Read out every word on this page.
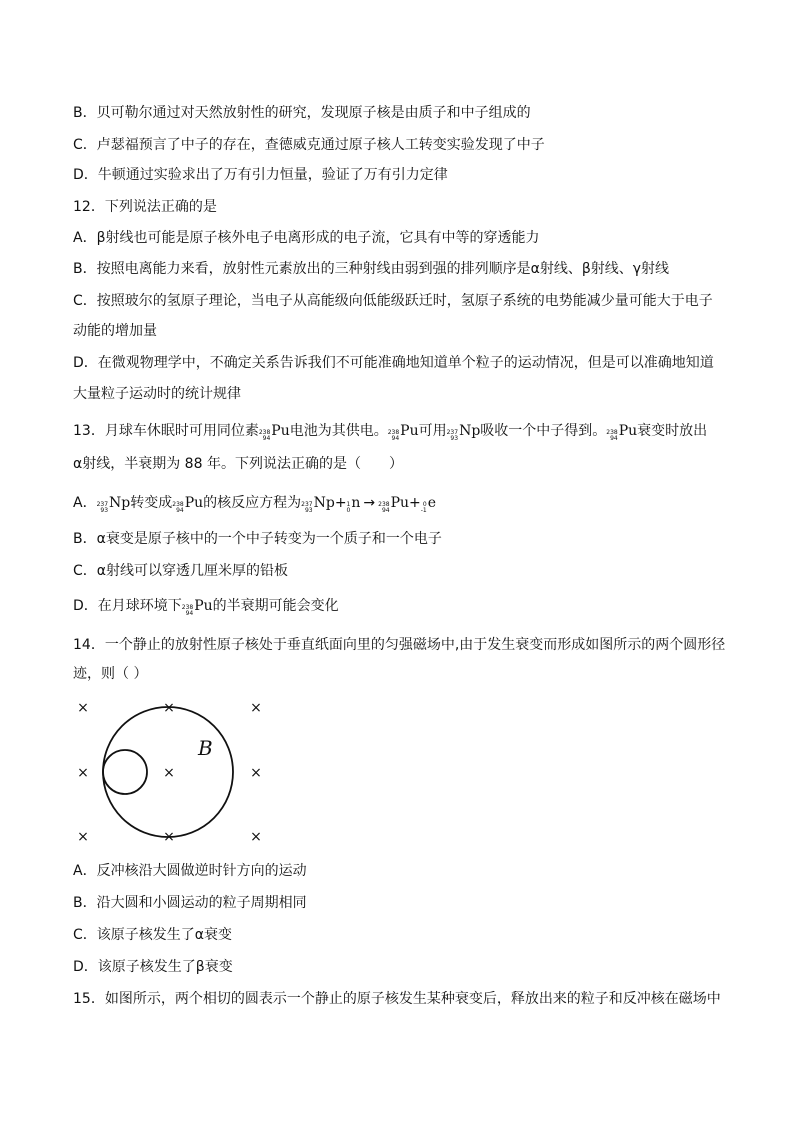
B．贝可勒尔通过对天然放射性的研究，发现原子核是由质子和中子组成的
C．卢瑟福预言了中子的存在，查德威克通过原子核人工转变实验发现了中子
D．牛顿通过实验求出了万有引力恒量，验证了万有引力定律
12．下列说法正确的是
A．β射线也可能是原子核外电子电离形成的电子流，它具有中等的穿透能力
B．按照电离能力来看，放射性元素放出的三种射线由弱到强的排列顺序是α射线、β射线、γ射线
C．按照玻尔的氢原子理论，当电子从高能级向低能级跃迁时，氢原子系统的电势能减少量可能大于电子
动能的增加量
D．在微观物理学中，不确定关系告诉我们不可能准确地知道单个粒子的运动情况，但是可以准确地知道
大量粒子运动时的统计规律
13．月球车休眠时可用同位素 238
94 Pu电池为其供电。 238
94 Pu可用 237
93 Np吸收一个中子得到。 238
94 Pu衰变时放出
α射线，半衰期为 88 年。下列说法正确的是（　　）
A． 237
93 Np转变成 238
94 Pu的核反应方程为 237
93 Np+ 1
0 n → 238
94 Pu+ 0
-1 e
B．α衰变是原子核中的一个中子转变为一个质子和一个电子
C．α射线可以穿透几厘米厚的铅板
D．在月球环境下 238
94 Pu的半衰期可能会变化
14．一个静止的放射性原子核处于垂直纸面向里的匀强磁场中,由于发生衰变而形成如图所示的两个圆形径
迹，则（ ）
×	×	×
×	×	×
×	×	×
B
A．反冲核沿大圆做逆时针方向的运动
B．沿大圆和小圆运动的粒子周期相同
C．该原子核发生了α衰变
D．该原子核发生了β衰变
15．如图所示，两个相切的圆表示一个静止的原子核发生某种衰变后，释放出来的粒子和反冲核在磁场中
